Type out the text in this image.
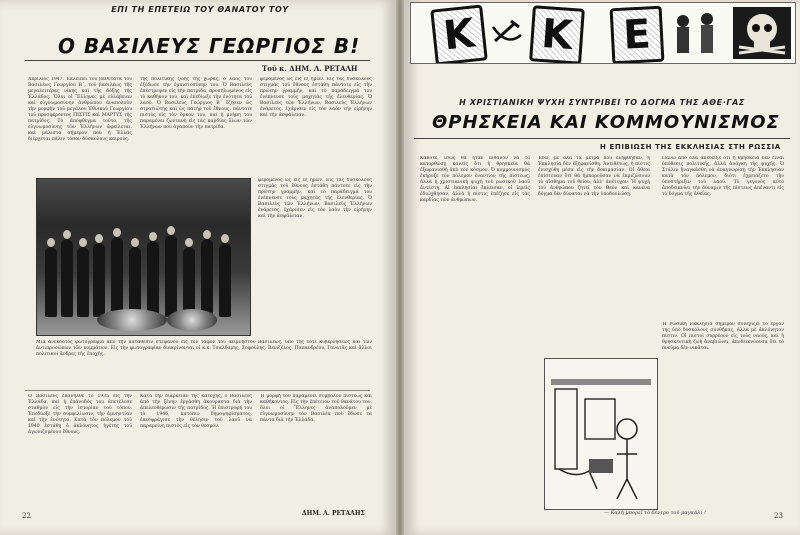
ΕΠΙ ΤΗ ΕΠΕΤΕΙΩ ΤΟΥ ΘΑΝΑΤΟΥ ΤΟΥ
Ο ΒΑΣΙΛΕΥΣ ΓΕΩΡΓΙΟΣ Β!
Τοῦ κ. ΔΗΜ. Λ. ΡΕΤΑΛΗ
Ἀπρίλιος 1947. Ἐκλείπει τοῦ βαθύτατα τοῦ Βασιλέως Γεωργίου Β΄, τοῦ βασιλέως τῆς μεγαλειτέρας νίκης καὶ τῆς δόξης τῆς Ἑλλάδος. Ὅλοι οἱ Ἕλληνες μὲ εὐλάβειαν καὶ εὐγνωμοσύνην ἀνθρώπου ἀναπολοῦν τὴν μορφὴν τοῦ μεγάλου Ἐθνικοῦ Γεωργίου τοῦ προσφέροντος ΠΙΣΤΙΣ καὶ ΜΑΡΤΥΣ τῆς πατρίδος. Τὸ ἀπόφθεγμα τοῦτο, τῆς εὐγνωμοσύνης τῶν Ἑλλήνων ὡφείλεται, καὶ μάλιστα σήμερον ποὺ ἡ Ἑλλάς διέρχεται πάλιν τόσον δύσκολους καιρούς.
τῆς πολιτικῆς ζωῆς τῆς χώρας, ὁ λαὸς τοῦ ἐξέδωσε τὴν ἐμπιστοσύνην του. Ὁ Βασιλεὺς ἐπέστρεψεν εἰς τὴν πατρίδα, προσηλωμένος εἰς τὸ καθῆκον του, καὶ ἐπεδίωξε τὴν ἐνότητα τοῦ λαοῦ. Ὁ Βασιλεὺς Γεώργιος Β΄ ἔζησεν ὡς στρατιώτης καὶ ὡς πατὴρ τοῦ ἔθνους, πάντοτε πιστὸς εἰς τὸν ὅρκον του, καὶ ἡ μνήμη του παραμένει ζωντανὴ εἰς τὰς καρδίας ὅλων τῶν Ἑλλήνων ποὺ ἀγαποῦν τὴν πατρίδα.
φερόμενος ὡς εἷς ἐξ ἡμῶν. Εἰς τὰς δυσκόλους στιγμὰς τοῦ ἔθνους ἐστάθη πάντοτε εἰς τὴν πρώτην γραμμήν, καὶ τὸ παράδειγμά του ἐνέπνευσε τοὺς μαχητὰς τῆς ἐλευθερίας. Ὁ Βασιλεὺς τῶν Ἑλλήνων, Βασιλεὺς Ἑλλήνων ἐνάρετος, ἐχάρισεν εἰς τὸν λαὸν τὴν εἰρήνην καὶ τὴν ἀσφάλειαν.
φερόμενος ὡς εἷς ἐξ ἡμῶν. Εἰς τὰς δυσκόλους στιγμὰς τοῦ ἔθνους ἐστάθη πάντοτε εἰς τὴν πρώτην γραμμήν, καὶ τὸ παράδειγμά του ἐνέπνευσε τοὺς μαχητὰς τῆς ἐλευθερίας. Ὁ Βασιλεὺς τῶν Ἑλλήνων, Βασιλεὺς Ἑλλήνων ἐνάρετος, ἐχάρισεν εἰς τὸν λαὸν τὴν εἰρήνην καὶ τὴν ἀσφάλειαν.
Μία ἀνέκδοτος φωτογραφία ἀπὸ τὴν κατάθεσιν στεφάνου εἰς τὸν τάφον τοῦ ἀειμνήστου Βασιλέως, ὑπὸ τῆς τότε κυβερνήσεως καὶ τῶν ἀντιπροσώπων τῶν κομμάτων. Εἰς τὴν φωτογραφίαν διακρίνονται οἱ κ.κ. Τσαλδάρης, Σοφούλης, Βενιζέλος, Παπανδρέου, Γονατᾶς καὶ ἄλλοι πολιτικοὶ ἄνδρες τῆς ἐποχῆς.
Ὁ Βασιλεὺς ἐπανῆλθε τὸ 1935 εἰς τὴν Ἑλλάδα, καὶ ἡ ἐπάνοδός του ἀπετέλεσε σταθμὸν εἰς τὴν ἱστορίαν τοῦ τόπου. Ἐπεδίωξε τὴν συμφιλίωσιν, τὴν ἀμνηστίαν καὶ τὴν ἐνότητα. Κατὰ τὸν πόλεμον τοῦ 1940 ἐστάθη ὁ ἀκλόνητος ἡγέτης τοῦ ἀγωνιζομένου ἔθνους.
Κατὰ τὴν διάρκειαν τῆς κατοχῆς, ὁ Βασιλεὺς ἀπὸ τὴν ξένην ἐργάσθη ἀκούραστα διὰ τὴν ἀπελευθέρωσιν τῆς πατρίδος. Ἡ ἐπιστροφή του τὸ 1946, κατόπιν δημοψηφίσματος, ἐπεσφράγισε τὴν θέλησιν τοῦ λαοῦ νὰ παραμείνη πιστὸς εἰς τὸν θεσμόν.
Ἡ μορφή του παραμένει σύμβολον πίστεως καὶ καθήκοντος. Εἰς τὴν ἐπέτειον τοῦ θανάτου του, ὅλοι οἱ Ἕλληνες ἀναπολοῦμεν μὲ εὐγνωμοσύνην τὸν Βασιλέα ποὺ ἔδωσε τὰ πάντα διὰ τὴν Ἑλλάδα.
ΔΗΜ. Λ. ΡΕΤΑΛΗΣ
22
Κ Κ	Ε
Η ΧΡΙΣΤΙΑΝΙΚΗ ΨΥΧΗ ΣΥΝΤΡΙΒΕΙ ΤΟ ΔΟΓΜΑ ΤΗΣ ΑΘΕ·ΓΑΣ
ΘΡΗΣΚΕΙΑ ΚΑΙ ΚΟΜΜΟΥΝΙΣΜΟΣ
Η ΕΠΙΒΙΩΣΗ ΤΗΣ ΕΚΚΛΗΣΙΑΣ ΣΤΗ ΡΩΣΣΙΑ
Κάποτε, ἴσως θὰ ἦταν πιθανὸν νὰ τὸ κατορθώσῃ κανεὶς ὅτι ἡ θρησκεία θὰ ἐξαφανισθῆ ἀπὸ τὸν κόσμον. Ὁ κομμουνισμὸς ἐκήρυξε τὸν πόλεμον ἐναντίον τῆς πίστεως, ἀλλὰ ἡ χριστιανικὴ ψυχὴ τοῦ ρωσικοῦ λαοῦ ἀντέστη. Αἱ ἐκκλησίαι ἔκλεισαν, οἱ ἱερεῖς ἐδιώχθησαν, ἀλλὰ ἡ πίστις ἐπέζησε εἰς τὰς καρδίας τῶν ἀνθρώπων.
Ἐδῶ, μὲ ὅλα τὰ μέτρα ποὺ ἐλήφθησαν, ἡ Ἐκκλησία δὲν ἐξηφανίσθη. Ἀντιθέτως, ἡ πίστις ἐνισχύθη μέσα εἰς τὴν δοκιμασίαν. Οἱ ἄθεοι ἐπίστευαν ὅτι θὰ ἠμποροῦσαν νὰ ἐκριζώσουν τὸ αἴσθημα τοῦ θείου, ἀλλ' ἀπέτυχον. Ἡ ψυχὴ τοῦ ἀνθρώπου ζητεῖ τὸν Θεὸν καὶ κανένα δόγμα δὲν δύναται νὰ τὴν ὑποδουλώσῃ.
Πάνω ἀπὸ ὅλα ἀπέδειξε ὅτι ἡ θρησκεία δὲν εἶναι ὑπόθεσις πολιτικῆς, ἀλλὰ ἀνάγκη τῆς ψυχῆς. Ὁ Στάλιν ἠναγκάσθη νὰ ἀναγνωρίσῃ τὴν Ἐκκλησίαν κατὰ τὸν πόλεμον, διότι ἐχρειάζετο τὴν ὑποστήριξιν τοῦ λαοῦ. Τὸ γεγονὸς αὐτὸ ἀποδεικνύει τὴν δύναμιν τῆς πίστεως ἀπέναντι εἰς τὸ δόγμα τῆς ἀθεΐας.
Ἡ Ρωσικὴ Ἐκκλησία σήμερον συνεχίζει τὸ ἔργον της ὑπὸ δυσκόλους συνθήκας, ἀλλὰ μὲ ἀκλόνητον πίστιν. Οἱ πιστοὶ συρρέουν εἰς τοὺς ναούς, καὶ ἡ θρησκευτικὴ ζωὴ ἀναβιώνει, ἀποδεικνύουσα ὅτι τὸ πνεῦμα δὲν νικᾶται.
— Καλὴ μπορεῖ τὸ δέντρο τοῦ μαγκάλι !	23
